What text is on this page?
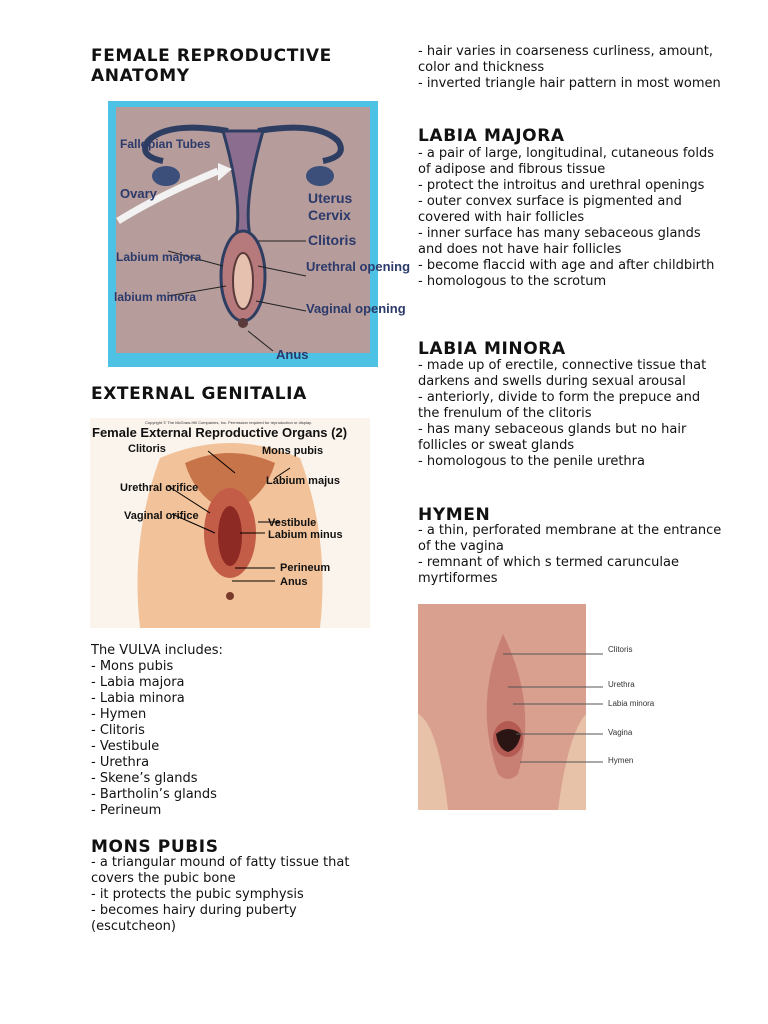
FEMALE REPRODUCTIVE ANATOMY
Fallopian Tubes
Ovary	Uterus
Cervix
Clitoris
Labium majora
Urethral opening
labium minora
Vaginal opening
Anus
EXTERNAL GENITALIA
Copyright © The McGraw-Hill Companies, Inc. Permission required for reproduction or display.
Female External Reproductive Organs (2)
Clitoris	Mons pubis
Urethral orifice
Labium majus
Vaginal orifice
Vestibule
Labium minus
Perineum
Anus
The VULVA includes:
- Mons pubis
- Labia majora
- Labia minora
- Hymen
- Clitoris
- Vestibule
- Urethra
- Skene’s glands
- Bartholin’s glands
- Perineum
MONS PUBIS
- a triangular mound of fatty tissue that covers the pubic bone
- it protects the pubic symphysis
- becomes hairy during puberty (escutcheon)
- hair varies in coarseness curliness, amount, color and thickness
- inverted triangle hair pattern in most women
LABIA MAJORA
- a pair of large, longitudinal, cutaneous folds of adipose and fibrous tissue
- protect the introitus and urethral openings
- outer convex surface is pigmented and covered with hair follicles
- inner surface has many sebaceous glands and does not have hair follicles
- become flaccid with age and after childbirth
- homologous to the scrotum
LABIA MINORA
- made up of erectile, connective tissue that darkens and swells during sexual arousal
- anteriorly, divide to form the prepuce and the frenulum of the clitoris
- has many sebaceous glands but no hair follicles or sweat glands
- homologous to the penile urethra
HYMEN
- a thin, perforated membrane at the entrance of the vagina
- remnant of which s termed carunculae myrtiformes
Clitoris
Urethra
Labia minora
Vagina
Hymen
